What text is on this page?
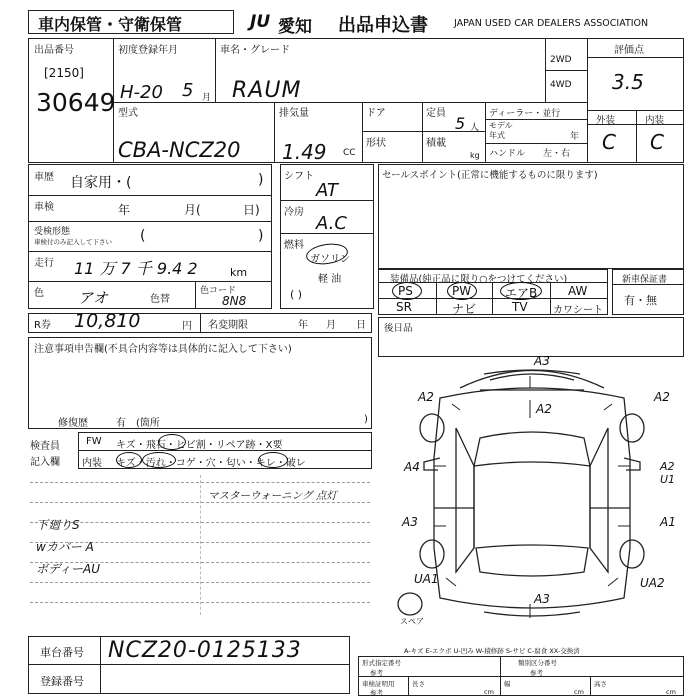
車内保管・守衛保管	JU 愛知 出品申込書	JAPAN USED CAR DEALERS ASSOCIATION
出品番号
[2150]
30649
初度登録年月
H-20 5 月
車名・グレード
RAUM
2WD
4WD
評価点
3.5
外装	内装
C C
型式
CBA-NCZ20
排気量
1.49 CC
ドア
形状
定員
5 人
積載
kg
ディーラー・並行
モデル
年式	年
ハンドル 左・右
車歴 自家用・(	)
車検	年	月(	日)
受検形態
車検付のみ記入して下さい (	)
走行 11 万 7 千 9.4 2	km
色 アオ	色替
色コード
8N8
シフト
AT
冷房
A.C
燃料
ガソリン
軽 油
( )
セールスポイント(正常に機能するものに限ります)
装備品(純正品に限り○をつけてください)
PS	PW	エアB	AW
SR	ナビ	TV	カワシート
新車保証書
有・無
R券 10,810	円 名変期限	年 月 日 後日品
注意事項申告欄(不具合内容等は具体的に記入して下さい)
修復歴	有 (箇所	)
検査員
記入欄
FW キズ・飛石・ヒビ割・リペア跡・X要
内装 キズ・汚れ・コゲ・穴・匂い・キレ・破レ
マスターウォーニング 点灯
下廻りS
wカバー A
ボディーAU
A3
A2
A2
A2
A4	A2 U1
A3	A1
UA1	UA2
A3
スペア
A-キズ E-エクボ U-凹み W-積修跡 S-サビ C-腐食 XX-交換済
形式指定番号
参考
類別区分番号
参考
車検証明用
参考
長さ
cm
幅
cm
高さ
cm
車台番号 NCZ20-0125133
登録番号
